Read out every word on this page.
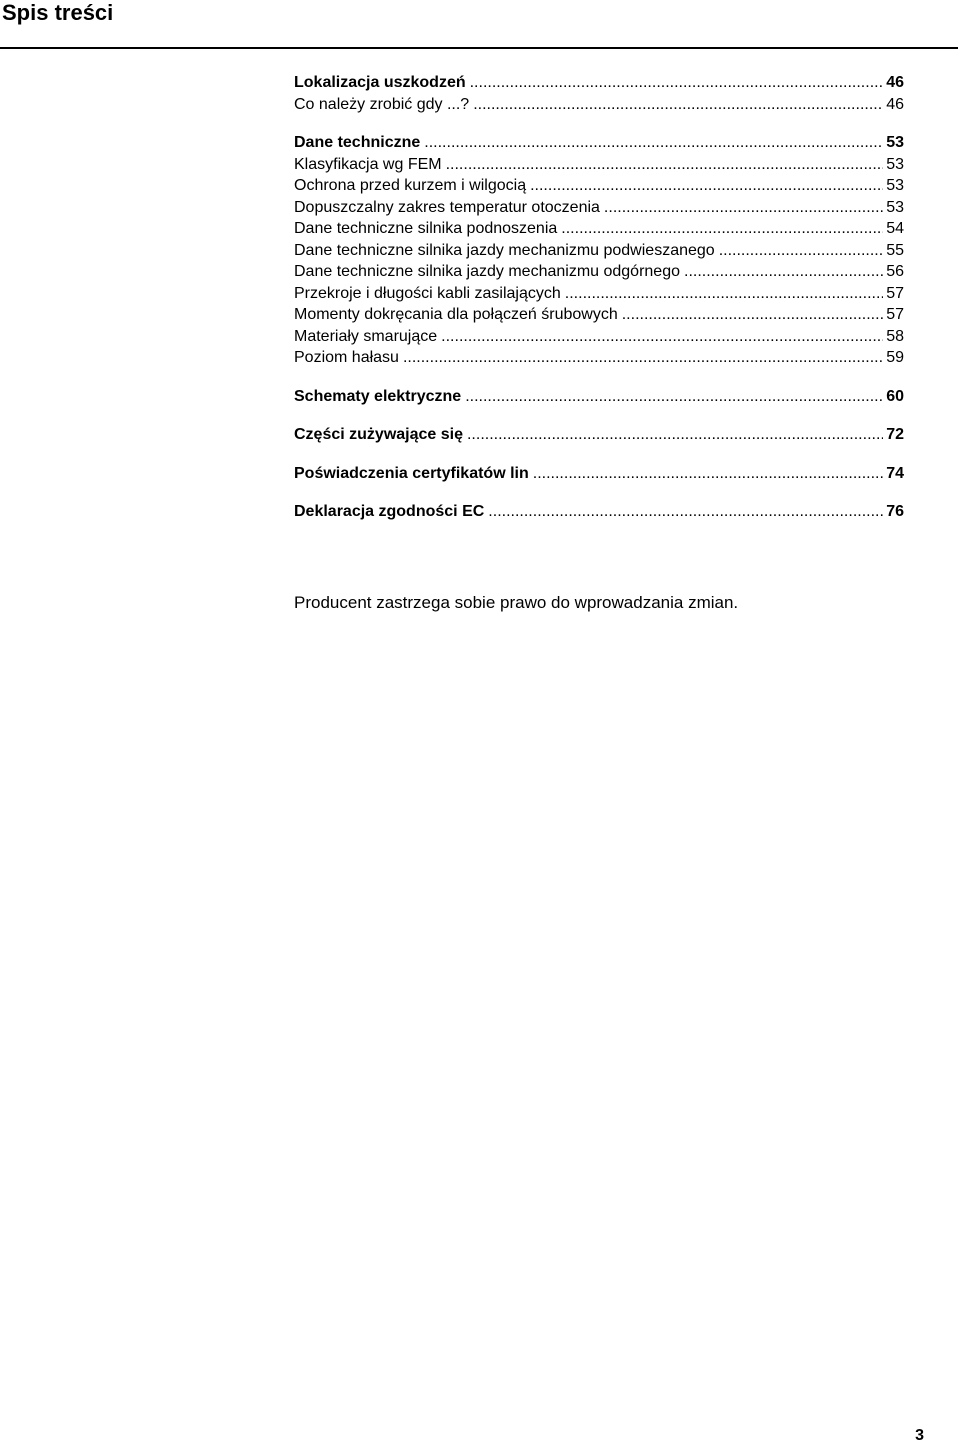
Spis treści
Lokalizacja uszkodzeń .....	46
Co należy zrobić gdy ...? .....	46
Dane techniczne .....	53
Klasyfikacja wg FEM .....	53
Ochrona przed kurzem i wilgocią .....	53
Dopuszczalny zakres temperatur otoczenia .....	53
Dane techniczne silnika podnoszenia .....	54
Dane techniczne silnika jazdy mechanizmu podwieszanego .....	55
Dane techniczne silnika jazdy mechanizmu odgórnego .....	56
Przekroje i długości kabli zasilających .....	57
Momenty dokręcania dla połączeń śrubowych .....	57
Materiały smarujące .....	58
Poziom hałasu .....	59
Schematy elektryczne .....	60
Części zużywające się .....	72
Poświadczenia certyfikatów lin .....	74
Deklaracja zgodności EC .....	76
Producent zastrzega sobie prawo do wprowadzania zmian.
3
